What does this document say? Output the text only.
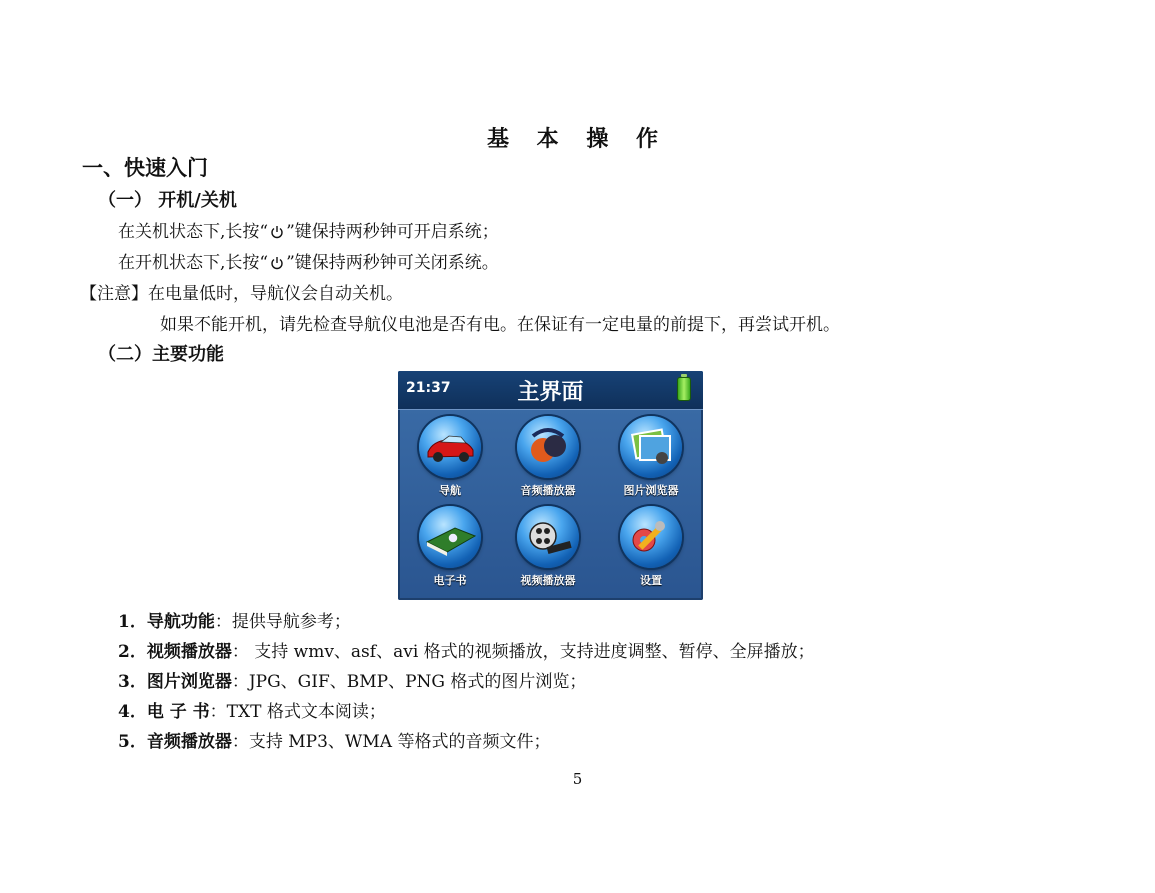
基 本 操 作
一、快速入门
（一） 开机/关机
在关机状态下,长按“ ”键保持两秒钟可开启系统；
在开机状态下,长按“ ”键保持两秒钟可关闭系统。
【注意】在电量低时，导航仪会自动关机。
如果不能开机，请先检查导航仪电池是否有电。在保证有一定电量的前提下，再尝试开机。
（二）主要功能
21:37	主界面
导航	音频播放器	图片浏览器
电子书	视频播放器	设置
1．导航功能：提供导航参考；
2．视频播放器： 支持 wmv、asf、avi 格式的视频播放，支持进度调整、暂停、全屏播放；
3．图片浏览器：JPG、GIF、BMP、PNG 格式的图片浏览；
4．电 子 书：TXT 格式文本阅读；
5．音频播放器：支持 MP3、WMA 等格式的音频文件；
5
